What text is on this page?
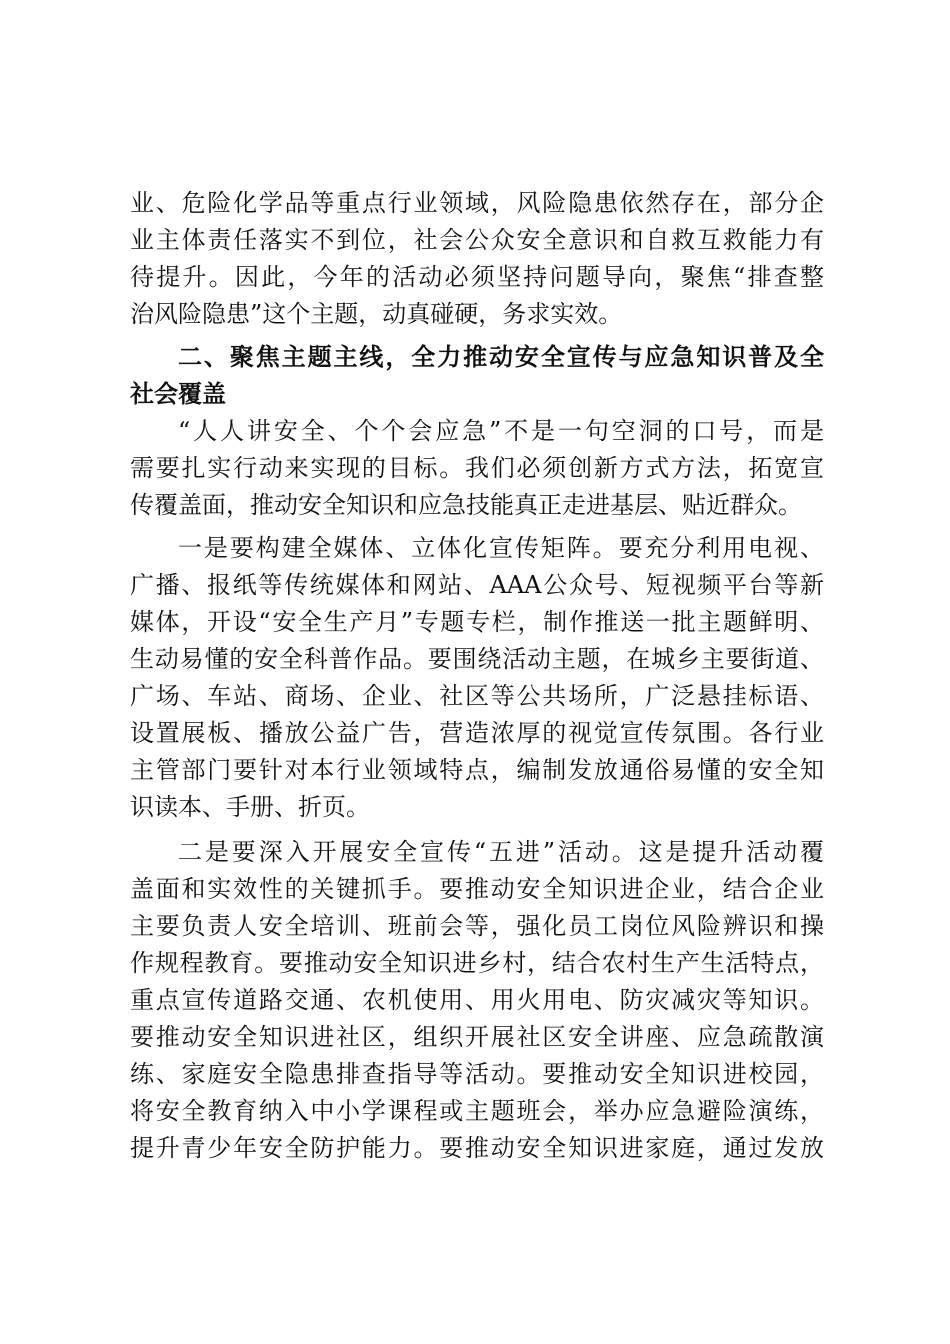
业、危险化学品等重点行业领域，风险隐患依然存在，部分企
业主体责任落实不到位，社会公众安全意识和自救互救能力有
待提升。因此，今年的活动必须坚持问题导向，聚焦“排查整
治风险隐患”这个主题，动真碰硬，务求实效。
二、聚焦主题主线，全力推动安全宣传与应急知识普及全
社会覆盖
“人人讲安全、个个会应急”不是一句空洞的口号，而是
需要扎实行动来实现的目标。我们必须创新方式方法，拓宽宣
传覆盖面，推动安全知识和应急技能真正走进基层、贴近群众。
一是要构建全媒体、立体化宣传矩阵。要充分利用电视、
广播、报纸等传统媒体和网站、AAA公众号、短视频平台等新
媒体，开设“安全生产月”专题专栏，制作推送一批主题鲜明、
生动易懂的安全科普作品。要围绕活动主题，在城乡主要街道、
广场、车站、商场、企业、社区等公共场所，广泛悬挂标语、
设置展板、播放公益广告，营造浓厚的视觉宣传氛围。各行业
主管部门要针对本行业领域特点，编制发放通俗易懂的安全知
识读本、手册、折页。
二是要深入开展安全宣传“五进”活动。这是提升活动覆
盖面和实效性的关键抓手。要推动安全知识进企业，结合企业
主要负责人安全培训、班前会等，强化员工岗位风险辨识和操
作规程教育。要推动安全知识进乡村，结合农村生产生活特点，
重点宣传道路交通、农机使用、用火用电、防灾减灾等知识。
要推动安全知识进社区，组织开展社区安全讲座、应急疏散演
练、家庭安全隐患排查指导等活动。要推动安全知识进校园，
将安全教育纳入中小学课程或主题班会，举办应急避险演练，
提升青少年安全防护能力。要推动安全知识进家庭，通过发放
